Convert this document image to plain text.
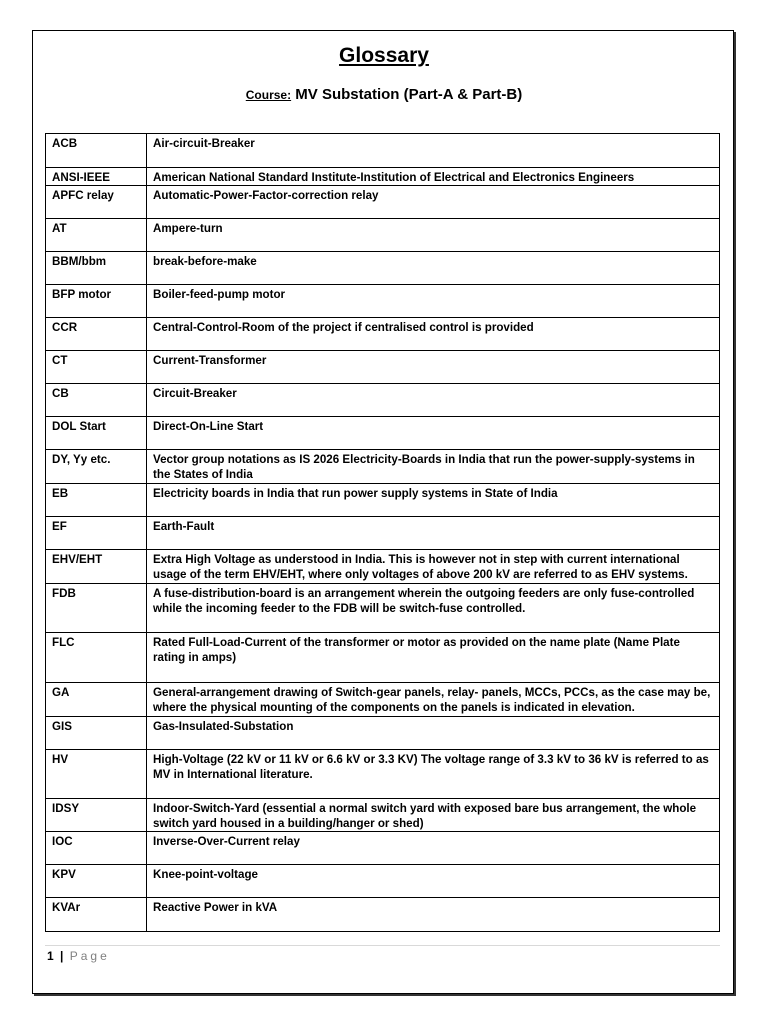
Glossary
Course: MV Substation (Part-A & Part-B)
ACB	Air-circuit-Breaker
ANSI-IEEE	American National Standard Institute-Institution of Electrical and Electronics Engineers
APFC relay	Automatic-Power-Factor-correction relay
AT	Ampere-turn
BBM/bbm	break-before-make
BFP motor	Boiler-feed-pump motor
CCR	Central-Control-Room of the project if centralised control is provided
CT	Current-Transformer
CB	Circuit-Breaker
DOL Start	Direct-On-Line Start
DY, Yy etc.	Vector group notations as IS 2026 Electricity-Boards in India that run the power-supply-systems in the States of India
EB	Electricity boards in India that run power supply systems in State of India
EF	Earth-Fault
EHV/EHT	Extra High Voltage as understood in India. This is however not in step with current international usage of the term EHV/EHT, where only voltages of above 200 kV are referred to as EHV systems.
FDB	A fuse-distribution-board is an arrangement wherein the outgoing feeders are only fuse-controlled while the incoming feeder to the FDB will be switch-fuse controlled.
FLC	Rated Full-Load-Current of the transformer or motor as provided on the name plate (Name Plate rating in amps)
GA	General-arrangement drawing of Switch-gear panels, relay- panels, MCCs, PCCs, as the case may be, where the physical mounting of the components on the panels is indicated in elevation.
GIS	Gas-Insulated-Substation
HV	High-Voltage (22 kV or 11 kV or 6.6 kV or 3.3 KV) The voltage range of 3.3 kV to 36 kV is referred to as MV in International literature.
IDSY	Indoor-Switch-Yard (essential a normal switch yard with exposed bare bus arrangement, the whole switch yard housed in a building/hanger or shed)
IOC	Inverse-Over-Current relay
KPV	Knee-point-voltage
KVAr	Reactive Power in kVA
1 | Page
